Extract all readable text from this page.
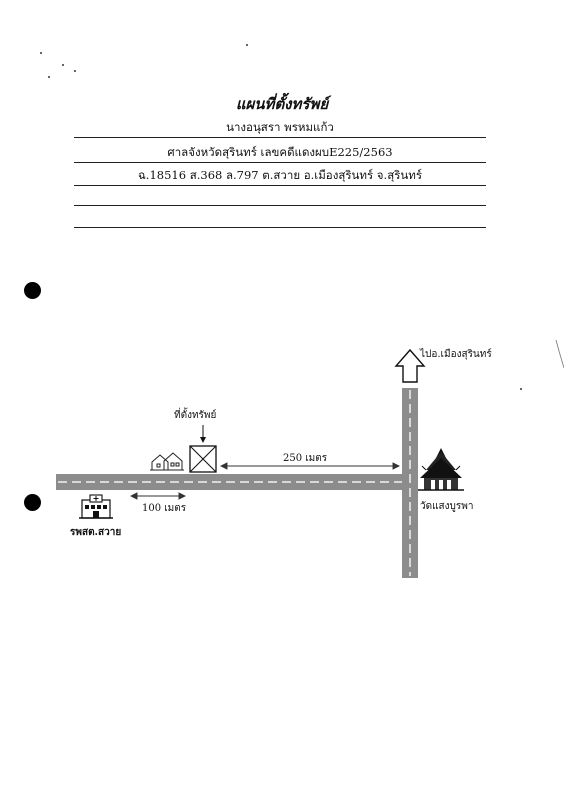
แผนที่ตั้งทรัพย์
นางอนุสรา พรหมแก้ว
ศาลจังหวัดสุรินทร์ เลขคดีแดงผบE225/2563
ฉ.18516 ส.368 ล.797 ต.สวาย อ.เมืองสุรินทร์ จ.สุรินทร์
ไปอ.เมืองสุรินทร์
ที่ตั้งทรัพย์
250 เมตร
100 เมตร
รพสต.สวาย
วัดแสงบูรพา
